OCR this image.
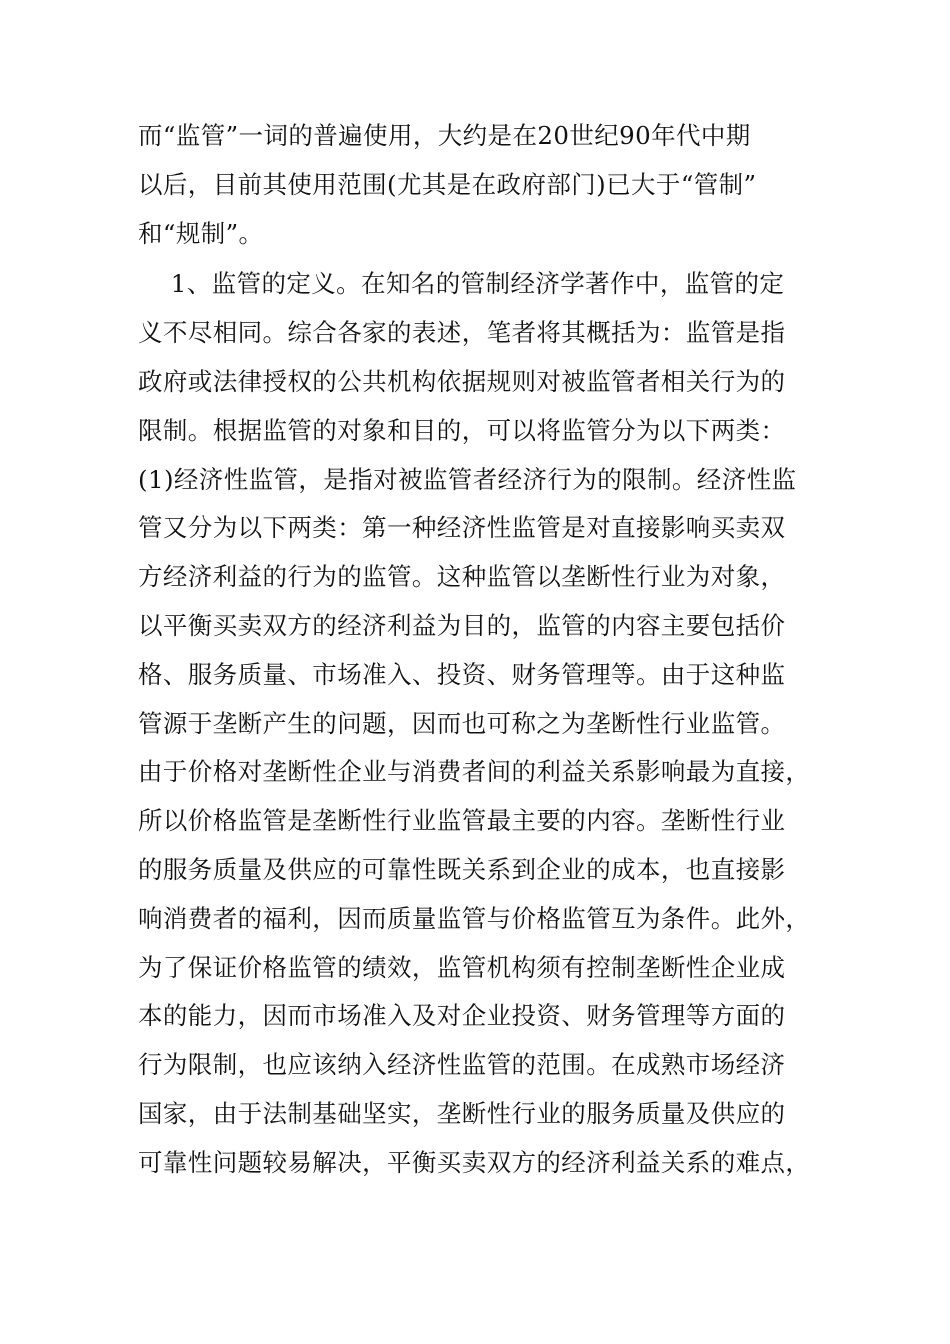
而“监管”一词的普遍使用，大约是在20世纪90年代中期
以后，目前其使用范围(尤其是在政府部门)已大于“管制”
和“规制”。
1、监管的定义。在知名的管制经济学著作中，监管的定
义不尽相同。综合各家的表述，笔者将其概括为：监管是指
政府或法律授权的公共机构依据规则对被监管者相关行为的
限制。根据监管的对象和目的，可以将监管分为以下两类：
(1)经济性监管，是指对被监管者经济行为的限制。经济性监
管又分为以下两类：第一种经济性监管是对直接影响买卖双
方经济利益的行为的监管。这种监管以垄断性行业为对象，
以平衡买卖双方的经济利益为目的，监管的内容主要包括价
格、服务质量、市场准入、投资、财务管理等。由于这种监
管源于垄断产生的问题，因而也可称之为垄断性行业监管。
由于价格对垄断性企业与消费者间的利益关系影响最为直接，
所以价格监管是垄断性行业监管最主要的内容。垄断性行业
的服务质量及供应的可靠性既关系到企业的成本，也直接影
响消费者的福利，因而质量监管与价格监管互为条件。此外，
为了保证价格监管的绩效，监管机构须有控制垄断性企业成
本的能力，因而市场准入及对企业投资、财务管理等方面的
行为限制，也应该纳入经济性监管的范围。在成熟市场经济
国家，由于法制基础坚实，垄断性行业的服务质量及供应的
可靠性问题较易解决，平衡买卖双方的经济利益关系的难点，
